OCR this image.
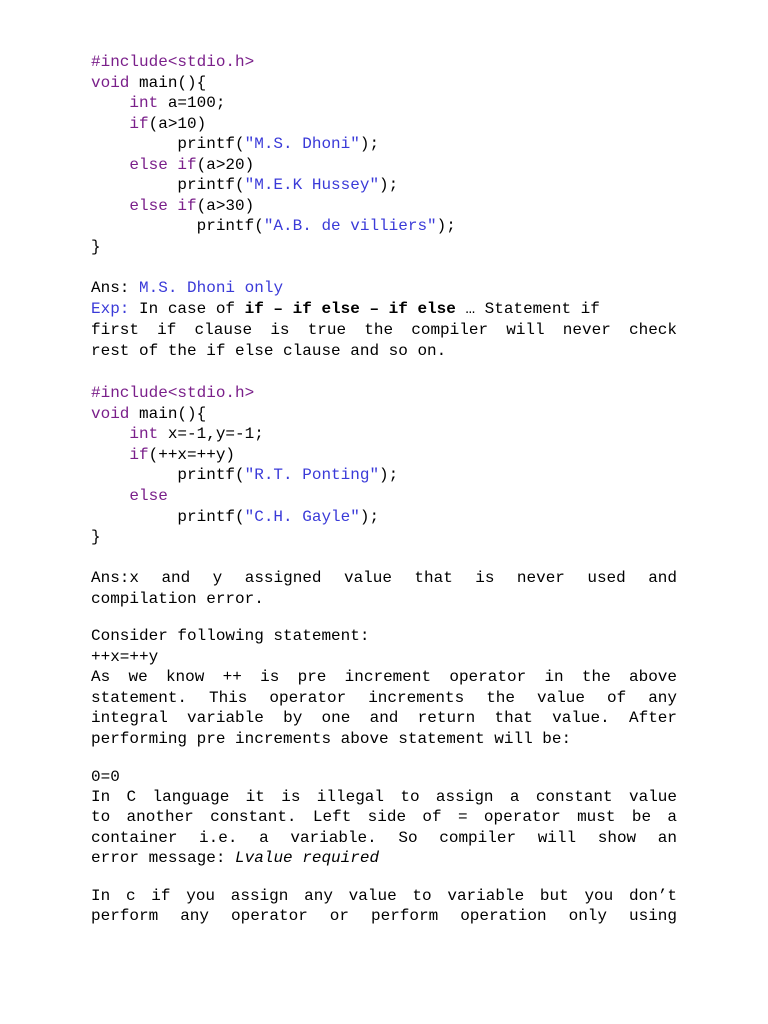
#include<stdio.h>
void main(){
int a=100;
if(a>10)
printf("M.S. Dhoni");
else if(a>20)
printf("M.E.K Hussey");
else if(a>30)
printf("A.B. de villiers");
}
Ans: M.S. Dhoni only
Exp: In case of if – if else – if else … Statement if
first if clause is true the compiler will never check
rest of the if else clause and so on.
#include<stdio.h>
void main(){
int x=-1,y=-1;
if(++x=++y)
printf("R.T. Ponting");
else
printf("C.H. Gayle");
}
Ans:x and y assigned value that is never used and
compilation error.
Consider following statement:
++x=++y
As we know ++ is pre increment operator in the above
statement. This operator increments the value of any
integral variable by one and return that value. After
performing pre increments above statement will be:
0=0
In C language it is illegal to assign a constant value
to another constant. Left side of = operator must be a
container i.e. a variable. So compiler will show an
error message: Lvalue required
In c if you assign any value to variable but you don’t
perform any operator or perform operation only using
